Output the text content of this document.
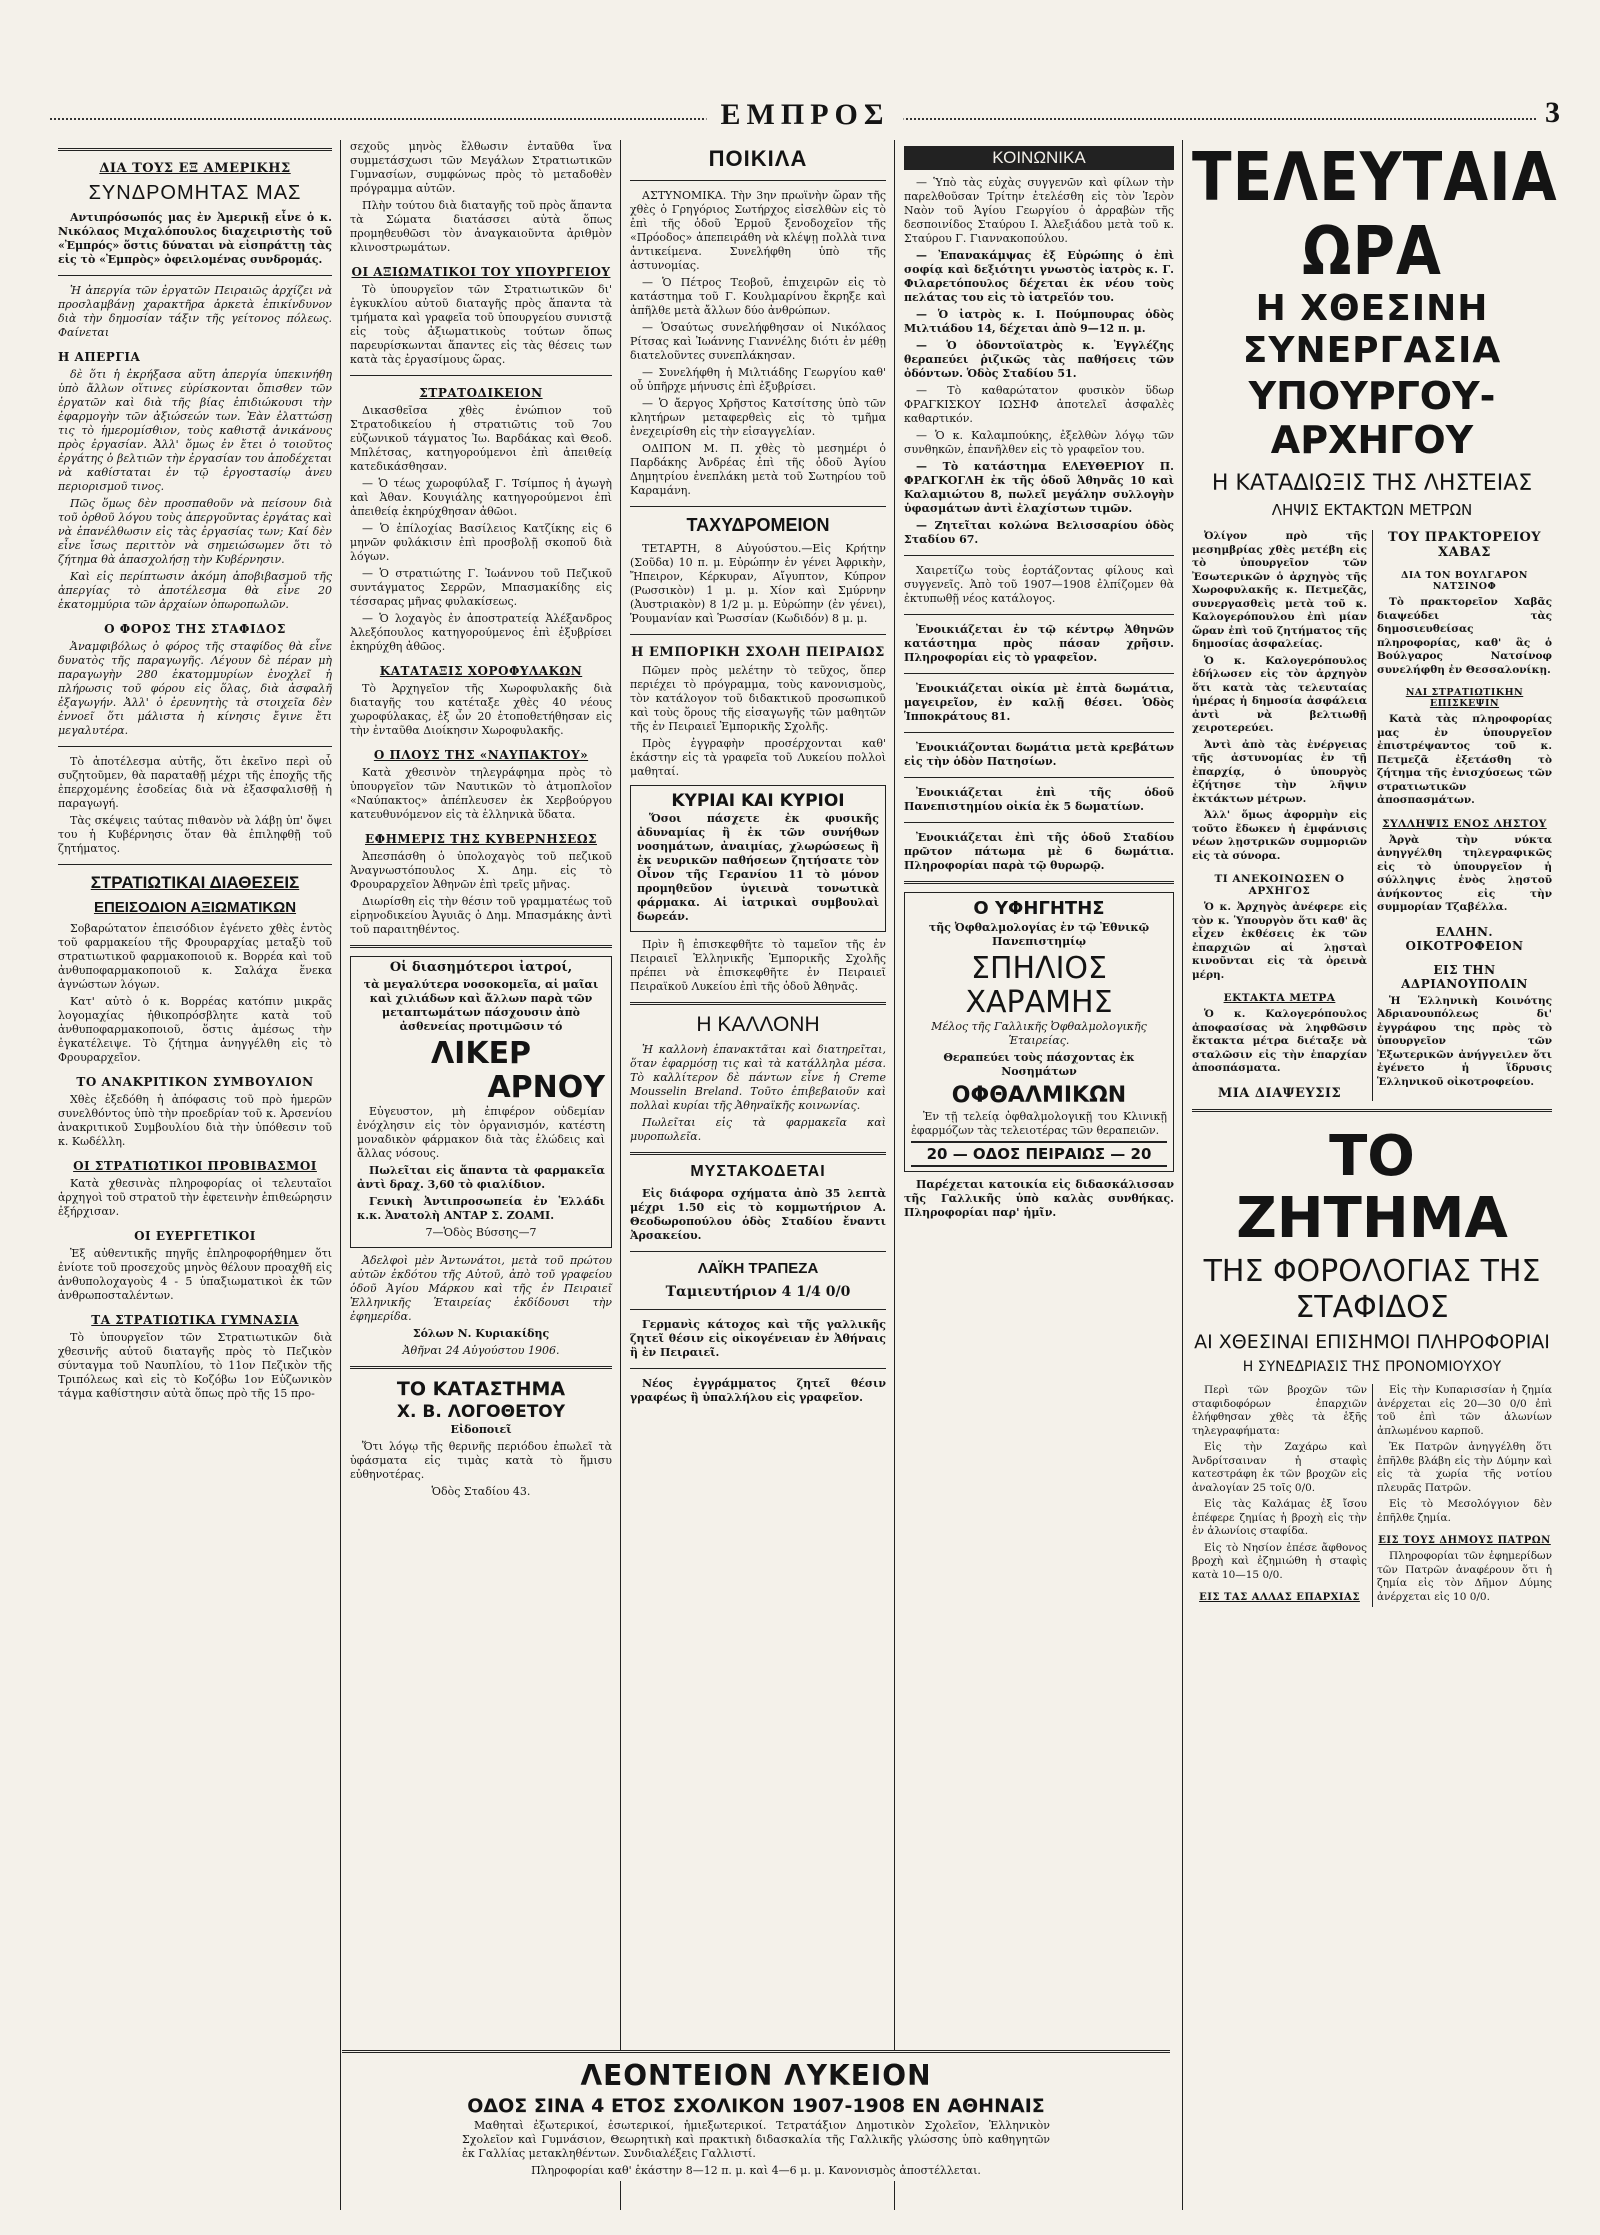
ΕΜΠΡΟΣ	3
ΔΙΑ ΤΟΥΣ ΕΞ ΑΜΕΡΙΚΗΣ
ΣΥΝΔΡΟΜΗΤΑΣ ΜΑΣ

Αντιπρόσωπός μας ἐν Ἀμερικῇ εἶνε ὁ κ. Νικόλαος Μιχαλόπουλος διαχειριστὴς τοῦ «Ἐμπρός» ὅστις δύναται νὰ εἰσπράττῃ τὰς εἰς τὸ «Ἐμπρὸς» ὀφειλομένας συνδρομάς.

Ἡ ἀπεργία τῶν ἐργατῶν Πειραιῶς ἀρχίζει νὰ προσλαμβάνῃ χαρακτῆρα ἀρκετὰ ἐπικίνδυνον διὰ τὴν δημοσίαν τάξιν τῆς γείτονος πόλεως. Φαίνεται

Η ΑΠΕΡΓΙΑ

δὲ ὅτι ἡ ἐκρήξασα αὕτη ἀπεργία ὑπεκινήθη ὑπὸ ἄλλων οἵτινες εὑρίσκονται ὄπισθεν τῶν ἐργατῶν καὶ διὰ τῆς βίας ἐπιδιώκουσι τὴν ἐφαρμογὴν τῶν ἀξιώσεών των. Ἐὰν ἐλαττώσῃ τις τὸ ἡμερομίσθιον, τοὺς καθιστᾷ ἀνικάνους πρὸς ἐργασίαν. Ἀλλ' ὅμως ἐν ἔτει ὁ τοιοῦτος ἐργάτης ὁ βελτιῶν τὴν ἐργασίαν του ἀποδέχεται νὰ καθίσταται ἐν τῷ ἐργοστασίῳ ἀνευ περιορισμοῦ τινος.

Πῶς ὅμως δὲν προσπαθοῦν νὰ πείσουν διὰ τοῦ ὀρθοῦ λόγου τοὺς ἀπεργοῦντας ἐργάτας καὶ νὰ ἐπανέλθωσιν εἰς τὰς ἐργασίας των; Καί δὲν εἶνε ἴσως περιττὸν νὰ σημειώσωμεν ὅτι τὸ ζήτημα θὰ ἀπασχολήσῃ τὴν Κυβέρνησιν.

Καὶ εἰς περίπτωσιν ἀκόμη ἀποβιβασμοῦ τῆς ἀπεργίας τὸ ἀποτέλεσμα θὰ εἶνε 20 ἑκατομμύρια τῶν ἀρχαίων ὁπωροπωλῶν.

Ο ΦΟΡΟΣ ΤΗΣ ΣΤΑΦΙΔΟΣ

Ἀναμφιβόλως ὁ φόρος τῆς σταφίδος θὰ εἶνε δυνατὸς τῆς παραγωγῆς. Λέγουν δὲ πέραν μὴ παραγωγὴν 280 ἑκατομμυρίων ἐνοχλεῖ ἡ πλήρωσις τοῦ φόρου εἰς ὅλας, διὰ ἀσφαλῆ ἐξαγωγήν. Ἀλλ' ὁ ἐρευνητὴς τὰ στοιχεῖα δὲν ἐννοεῖ ὅτι μάλιστα ἡ κίνησις ἔγινε ἔτι μεγαλυτέρα.

Τὸ ἀποτέλεσμα αὐτῆς, ὅτι ἐκεῖνο περὶ οὗ συζητοῦμεν, θὰ παραταθῇ μέχρι τῆς ἐποχῆς τῆς ἐπερχομένης ἐσοδείας διὰ νὰ ἐξασφαλισθῇ ἡ παραγωγή.

Τὰς σκέψεις ταύτας πιθανὸν νὰ λάβῃ ὑπ' ὄψει του ἡ Κυβέρνησις ὅταν θὰ ἐπιληφθῇ τοῦ ζητήματος.

ΣΤΡΑΤΙΩΤΙΚΑΙ ΔΙΑΘΕΣΕΙΣ
ΕΠΕΙΣΟΔΙΟΝ ΑΞΙΩΜΑΤΙΚΩΝ

Σοβαρώτατον ἐπεισόδιον ἐγένετο χθὲς ἐντὸς τοῦ φαρμακείου τῆς Φρουραρχίας μεταξὺ τοῦ στρατιωτικοῦ φαρμακοποιοῦ κ. Βορρέα καὶ τοῦ ἀνθυποφαρμακοποιοῦ κ. Σαλάχα ἕνεκα ἀγνώστων λόγων.

Κατ' αὐτὸ ὁ κ. Βορρέας κατόπιν μικρᾶς λογομαχίας ἠθικοπρόσβλητε κατὰ τοῦ ἀνθυποφαρμακοποιοῦ, ὅστις ἀμέσως τὴν ἐγκατέλειψε. Τὸ ζήτημα ἀνηγγέλθη εἰς τὸ Φρουραρχεῖον.

ΤΟ ΑΝΑΚΡΙΤΙΚΟΝ ΣΥΜΒΟΥΛΙΟΝ

Χθὲς ἐξεδόθη ἡ ἀπόφασις τοῦ πρὸ ἡμερῶν συνελθόντος ὑπὸ τὴν προεδρίαν τοῦ κ. Ἀρσενίου ἀνακριτικοῦ Συμβουλίου διὰ τὴν ὑπόθεσιν τοῦ κ. Κωδέλλη.

ΟΙ ΣΤΡΑΤΙΩΤΙΚΟΙ ΠΡΟΒΙΒΑΣΜΟΙ

Κατὰ χθεσινὰς πληροφορίας οἱ τελευταῖοι ἀρχηγοὶ τοῦ στρατοῦ τὴν ἐφετεινὴν ἐπιθεώρησιν ἐξήρχισαν.

ΟΙ ΕΥΕΡΓΕΤΙΚΟΙ

Ἐξ αὐθεντικῆς πηγῆς ἐπληροφορήθημεν ὅτι ἐνίοτε τοῦ προσεχοῦς μηνὸς θέλουν προαχθῆ εἰς ἀνθυπολοχαγοὺς 4 - 5 ὑπαξιωματικοὶ ἐκ τῶν ἀνθρωποσταλέντων.

ΤΑ ΣΤΡΑΤΙΩΤΙΚΑ ΓΥΜΝΑΣΙΑ

Τὸ ὑπουργεῖον τῶν Στρατιωτικῶν διὰ χθεσινῆς αὐτοῦ διαταγῆς πρὸς τὸ Πεζικὸν σύνταγμα τοῦ Ναυπλίου, τὸ 11ον Πεζικὸν τῆς Τριπόλεως καὶ εἰς τὸ Κοζόβω 1ον Εὐζωνικὸν τάγμα καθίστησιν αὐτὰ ὅπως πρὸ τῆς 15 προ-

σεχοῦς μηνὸς ἔλθωσιν ἐνταῦθα ἵνα συμμετάσχωσι τῶν Μεγάλων Στρατιωτικῶν Γυμνασίων, συμφώνως πρὸς τὸ μεταδοθὲν πρόγραμμα αὐτῶν.

Πλὴν τούτου διὰ διαταγῆς τοῦ πρὸς ἅπαντα τὰ Σώματα διατάσσει αὐτὰ ὅπως προμηθευθῶσι τὸν ἀναγκαιοῦντα ἀριθμὸν κλινοστρωμάτων.

ΟΙ ΑΞΙΩΜΑΤΙΚΟΙ ΤΟΥ ΥΠΟΥΡΓΕΙΟΥ

Τὸ ὑπουργεῖον τῶν Στρατιωτικῶν δι' ἐγκυκλίου αὐτοῦ διαταγῆς πρὸς ἅπαντα τὰ τμήματα καὶ γραφεῖα τοῦ ὑπουργείου συνιστᾷ εἰς τοὺς ἀξιωματικοὺς τούτων ὅπως παρευρίσκωνται ἅπαντες εἰς τὰς θέσεις των κατὰ τὰς ἐργασίμους ὥρας.

ΣΤΡΑΤΟΔΙΚΕΙΟΝ

Δικασθεῖσα χθὲς ἐνώπιον τοῦ Στρατοδικείου ἡ στρατιῶτις τοῦ 7ου εὐζωνικοῦ τάγματος Ἰω. Βαρδάκας καὶ Θεοδ. Μπλέτσας, κατηγορούμενοι ἐπὶ ἀπειθείᾳ κατεδικάσθησαν.

— Ὁ τέως χωροφύλαξ Γ. Τσίμπος ἡ ἀγωγὴ καὶ Ἀθαν. Κουγιάλης κατηγορούμενοι ἐπὶ ἀπειθείᾳ ἐκηρύχθησαν ἀθῶοι.

— Ὁ ἐπίλοχίας Βασίλειος Κατζίκης εἰς 6 μηνῶν φυλάκισιν ἐπὶ προσβολῇ σκοποῦ διὰ λόγων.

— Ὁ στρατιώτης Γ. Ἰωάννου τοῦ Πεζικοῦ συντάγματος Σερρῶν, Μπασμακίδης εἰς τέσσαρας μῆνας φυλακίσεως.

— Ὁ λοχαγὸς ἐν ἀποστρατείᾳ Ἀλέξανδρος Ἀλεξόπουλος κατηγορούμενος ἐπὶ ἐξυβρίσει ἐκηρύχθη ἀθῶος.

ΚΑΤΑΤΑΞΙΣ ΧΟΡΟΦΥΛΑΚΩΝ

Τὸ Ἀρχηγεῖον τῆς Χωροφυλακῆς διὰ διαταγῆς του κατέταξε χθὲς 40 νέους χωροφύλακας, ἐξ ὧν 20 ἐτοποθετήθησαν εἰς τὴν ἐνταῦθα Διοίκησιν Χωροφυλακῆς.

Ο ΠΛΟΥΣ ΤΗΣ «ΝΑΥΠΑΚΤΟΥ»

Κατὰ χθεσινὸν τηλεγράφημα πρὸς τὸ ὑπουργεῖον τῶν Ναυτικῶν τὸ ἀτμοπλοῖον «Ναύπακτος» ἀπέπλευσεν ἐκ Χερβούργου κατευθυνόμενον εἰς τὰ ἑλληνικὰ ὕδατα.

ΕΦΗΜΕΡΙΣ ΤΗΣ ΚΥΒΕΡΝΗΣΕΩΣ

Ἀπεσπάσθη ὁ ὑπολοχαγὸς τοῦ πεζικοῦ Ἀναγνωστόπουλος Χ. Δημ. εἰς τὸ Φρουραρχεῖον Ἀθηνῶν ἐπὶ τρεῖς μῆνας.

Διωρίσθη εἰς τὴν θέσιν τοῦ γραμματέως τοῦ εἰρηνοδικείου Ἀγυιᾶς ὁ Δημ. Μπασμάκης ἀντὶ τοῦ παραιτηθέντος.

Οἱ διασημότεροι ἰατροί,

τὰ μεγαλύτερα νοσοκομεῖα, αἱ μαῖαι καὶ χιλιάδων καὶ ἄλλων παρὰ τῶν μεταπτωμάτων πάσχουσιν ἀπὸ ἀσθενείας προτιμῶσιν τό

ΛΙΚΕΡ
ΑΡΝΟΥ

Εὐγευστον, μὴ ἐπιφέρον οὐδεμίαν ἐνόχλησιν εἰς τὸν ὀργανισμόν, κατέστη μοναδικὸν φάρμακον διὰ τὰς ἐλώδεις καὶ ἄλλας νόσους.

Πωλεῖται εἰς ἅπαντα τὰ φαρμακεῖα ἀντὶ δραχ. 3,60 τὸ φιαλίδιον.

Γενικὴ Ἀντιπροσωπεία ἐν Ἑλλάδι κ.κ. Ἀνατολὴ ΑΝΤΑΡ Σ. ΖΟΑΜΙ.

7—Ὁδὸς Βύσσης—7

Ἀδελφοὶ μὲν Ἀντωνάτοι, μετὰ τοῦ πρώτου αὐτῶν ἐκδότου τῆς Αὐτοῦ, ἀπὸ τοῦ γραφείου ὁδοῦ Ἀγίου Μάρκου καὶ τῆς ἐν Πειραιεῖ Ἑλληνικῆς Ἑταιρείας ἐκδίδουσι τὴν ἐφημερίδα.

Σόλων Ν. Κυριακίδης

Ἀθῆναι 24 Αὐγούστου 1906.

ΤΟ ΚΑΤΑΣΤΗΜΑ
Χ. Β. ΛΟΓΟΘΕΤΟΥ

Εἰδοποιεῖ

Ὅτι λόγῳ τῆς θερινῆς περιόδου ἐπωλεῖ τὰ ὑφάσματα εἰς τιμὰς κατὰ τὸ ἥμισυ εὐθηνοτέρας.

Ὁδὸς Σταδίου 43.

ΠΟΙΚΙΛΑ

ΑΣΤΥΝΟΜΙΚΑ. Τὴν 3ην πρωϊνὴν ὥραν τῆς χθὲς ὁ Γρηγόριος Σωτήρχος εἰσελθὼν εἰς τὸ ἐπὶ τῆς ὁδοῦ Ἑρμοῦ ξενοδοχεῖον τῆς «Πρόοδος» ἀπεπειράθη νὰ κλέψῃ πολλὰ τινα ἀντικείμενα. Συνελήφθη ὑπὸ τῆς ἀστυνομίας.

— Ὁ Πέτρος Τεοβοῦ, ἐπιχειρῶν εἰς τὸ κατάστημα τοῦ Γ. Κουλμαρίνου ἔκρηξε καὶ ἀπῆλθε μετὰ ἄλλων δύο ἀνθρώπων.

— Ὁσαύτως συνελήφθησαν οἱ Νικόλαος Ρίτσας καὶ Ἰωάννης Γιαννέλης διότι ἐν μέθῃ διατελοῦντες συνεπλάκησαν.

— Συνελήφθη ἡ Μιλτιάδης Γεωργίου καθ' οὗ ὑπῆρχε μήνυσις ἐπὶ ἐξυβρίσει.

— Ὁ ἄεργος Χρῆστος Κατσίτσης ὑπὸ τῶν κλητήρων μεταφερθεὶς εἰς τὸ τμῆμα ἐνεχειρίσθη εἰς τὴν εἰσαγγελίαν.

ΟΔΙΠΟΝ Μ. Π. χθὲς τὸ μεσημέρι ὁ Παρδάκης Ἀνδρέας ἐπὶ τῆς ὁδοῦ Ἀγίου Δημητρίου ἐνεπλάκη μετὰ τοῦ Σωτηρίου τοῦ Καραμάνη.

ΤΑΧΥΔΡΟΜΕΙΟΝ

ΤΕΤΑΡΤΗ, 8 Αὐγούστου.—Εἰς Κρήτην (Σοῦδα) 10 π. μ. Εὐρώπην ἐν γένει Ἀφρικὴν, Ἤπειρον, Κέρκυραν, Αἴγυπτον, Κύπρον (Ρωσσικὸν) 1 μ. μ. Χίον καὶ Σμύρνην (Ἀυστριακὸν) 8 1/2 μ. μ. Εὐρώπην (ἐν γένει), Ῥουμανίαν καὶ Ῥωσσίαν (Κωδιδόν) 8 μ. μ.

Η ΕΜΠΟΡΙΚΗ ΣΧΟΛΗ ΠΕΙΡΑΙΩΣ

Πῶμεν πρὸς μελέτην τὸ τεῦχος, ὅπερ περιέχει τὸ πρόγραμμα, τοὺς κανονισμοὺς, τὸν κατάλογον τοῦ διδακτικοῦ προσωπικοῦ καὶ τοὺς ὅρους τῆς εἰσαγωγῆς τῶν μαθητῶν τῆς ἐν Πειραιεῖ Ἐμπορικῆς Σχολῆς.

Πρὸς ἐγγραφὴν προσέρχονται καθ' ἑκάστην εἰς τὰ γραφεῖα τοῦ Λυκείου πολλοὶ μαθηταί.

ΚΥΡΙΑΙ ΚΑΙ ΚΥΡΙΟΙ

Ὅσοι πάσχετε ἐκ φυσικῆς ἀδυναμίας ἢ ἐκ τῶν συνήθων νοσημάτων, ἀναιμίας, χλωρώσεως ἢ ἐκ νευρικῶν παθήσεων ζητήσατε τὸν Οἶνον τῆς Γερανίου 11 τὸ μόνον προμηθεῦον ὑγιεινὰ τονωτικὰ φάρμακα. Αἱ ἰατρικαὶ συμβουλαὶ δωρεάν.

Πρὶν ἢ ἐπισκεφθῆτε τὸ ταμεῖον τῆς ἐν Πειραιεῖ Ἑλληνικῆς Ἐμπορικῆς Σχολῆς πρέπει νὰ ἐπισκεφθῆτε ἐν Πειραιεῖ Πειραϊκοῦ Λυκείου ἐπὶ τῆς ὁδοῦ Ἀθηνᾶς.

Η ΚΑΛΛΟΝΗ

Ἡ καλλονὴ ἐπανακτᾶται καὶ διατηρεῖται, ὅταν ἐφαρμόσῃ τις καὶ τὰ κατάλληλα μέσα. Τὸ καλλίτερον δὲ πάντων εἶνε ἡ Creme Mousselin Breland. Τοῦτο ἐπιβεβαιοῦν καὶ πολλαὶ κυρίαι τῆς Ἀθηναϊκῆς κοινωνίας.

Πωλεῖται εἰς τὰ φαρμακεῖα καὶ μυροπωλεῖα.

ΜΥΣΤΑΚΟΔΕΤΑΙ

Εἰς διάφορα σχήματα ἀπὸ 35 λεπτὰ μέχρι 1.50 εἰς τὸ κομμωτήριον Α. Θεοδωροπούλου ὁδὸς Σταδίου ἔναντι Ἀρσακείου.

ΛΑΪΚΗ ΤΡΑΠΕΖΑ

Ταμιευτήριον 4 1/4 0/0

Γερμανὶς κάτοχος καὶ τῆς γαλλικῆς ζητεῖ θέσιν εἰς οἰκογένειαν ἐν Ἀθήναις ἢ ἐν Πειραιεῖ.

Νέος ἐγγράμματος ζητεῖ θέσιν γραφέως ἢ ὑπαλλήλου εἰς γραφεῖον.

ΚΟΙΝΩΝΙΚΑ

— Ὑπὸ τὰς εὐχὰς συγγενῶν καὶ φίλων τὴν παρελθοῦσαν Τρίτην ἐτελέσθη εἰς τὸν Ἱερὸν Ναὸν τοῦ Ἁγίου Γεωργίου ὁ ἀρραβὼν τῆς δεσποινίδος Σταύρου Ι. Ἀλεξιάδου μετὰ τοῦ κ. Σταύρου Γ. Γιαννακοπούλου.

— Ἐπανακάμψας ἐξ Εὐρώπης ὁ ἐπὶ σοφίᾳ καὶ δεξιότητι γνωστὸς ἰατρὸς κ. Γ. Φιλαρετόπουλος δέχεται ἐκ νέου τοὺς πελάτας του εἰς τὸ ἰατρεῖόν του.

— Ὁ ἰατρὸς κ. Ι. Πούμπουρας ὁδὸς Μιλτιάδου 14, δέχεται ἀπὸ 9—12 π. μ.

— Ὁ ὀδοντοϊατρὸς κ. Ἐγγλέζης θεραπεύει ῥιζικῶς τὰς παθήσεις τῶν ὀδόντων. Ὁδὸς Σταδίου 51.

— Τὸ καθαρώτατον φυσικὸν ὕδωρ ΦΡΑΓΚΙΣΚΟΥ ΙΩΣΗΦ ἀποτελεῖ ἀσφαλὲς καθαρτικόν.

— Ὁ κ. Καλαμπούκης, ἐξελθὼν λόγῳ τῶν συνθηκῶν, ἐπανῆλθεν εἰς τὸ γραφεῖον του.

— Τὸ κατάστημα ΕΛΕΥΘΕΡΙΟΥ Π. ΦΡΑΓΚΟΓΛΗ ἐκ τῆς ὁδοῦ Ἀθηνᾶς 10 καὶ Καλαμιώτου 8, πωλεῖ μεγάλην συλλογὴν ὑφασμάτων ἀντὶ ἐλαχίστων τιμῶν.

— Ζητεῖται κολώνα Βελισσαρίου ὁδὸς Σταδίου 67.

Χαιρετίζω τοὺς ἑορτάζοντας φίλους καὶ συγγενεῖς. Ἀπὸ τοῦ 1907—1908 ἐλπίζομεν θὰ ἐκτυπωθῇ νέος κατάλογος.

Ἐνοικιάζεται ἐν τῷ κέντρῳ Ἀθηνῶν κατάστημα πρὸς πάσαν χρῆσιν. Πληροφορίαι εἰς τὸ γραφεῖον.

Ἐνοικιάζεται οἰκία μὲ ἐπτὰ δωμάτια, μαγειρεῖον, ἐν καλῇ θέσει. Ὁδὸς Ἱπποκράτους 81.

Ἐνοικιάζονται δωμάτια μετὰ κρεβάτων εἰς τὴν ὁδὸν Πατησίων.

Ἐνοικιάζεται ἐπὶ τῆς ὁδοῦ Πανεπιστημίου οἰκία ἐκ 5 δωματίων.

Ἐνοικιάζεται ἐπὶ τῆς ὁδοῦ Σταδίου πρῶτον πάτωμα μὲ 6 δωμάτια. Πληροφορίαι παρὰ τῷ θυρωρῷ.

Ο ΥΦΗΓΗΤΗΣ

τῆς Ὀφθαλμολογίας ἐν τῷ Ἐθνικῷ Πανεπιστημίῳ

ΣΠΗΛΙΟΣ
ΧΑΡΑΜΗΣ

Μέλος τῆς Γαλλικῆς Ὀφθαλμολογικῆς Ἑταιρείας.

Θεραπεύει τοὺς πάσχοντας ἐκ Νοσημάτων

ΟΦΘΑΛΜΙΚΩΝ

Ἐν τῇ τελείᾳ ὀφθαλμολογικῇ του Κλινικῇ ἐφαρμόζων τὰς τελειοτέρας τῶν θεραπειῶν.

20 — ΟΔΟΣ ΠΕΙΡΑΙΩΣ — 20

Παρέχεται κατοικία εἰς διδασκάλισσαν τῆς Γαλλικῆς ὑπὸ καλὰς συνθήκας. Πληροφορίαι παρ' ἡμῖν.

ΤΕΛΕΥΤΑΙΑ ΩΡΑ
Η ΧΘΕΣΙΝΗ ΣΥΝΕΡΓΑΣΙΑ
ΥΠΟΥΡΓΟΥ-ΑΡΧΗΓΟΥ
Η ΚΑΤΑΔΙΩΞΙΣ ΤΗΣ ΛΗΣΤΕΙΑΣ
ΛΗΨΙΣ ΕΚΤΑΚΤΩΝ ΜΕΤΡΩΝ

Ὀλίγον πρὸ τῆς μεσημβρίας χθὲς μετέβη εἰς τὸ ὑπουργεῖον τῶν Ἐσωτερικῶν ὁ ἀρχηγὸς τῆς Χωροφυλακῆς κ. Πετμεζᾶς, συνεργασθεὶς μετὰ τοῦ κ. Καλογερόπουλου ἐπὶ μίαν ὥραν ἐπὶ τοῦ ζητήματος τῆς δημοσίας ἀσφαλείας.

Ὁ κ. Καλογερόπουλος ἐδήλωσεν εἰς τὸν ἀρχηγὸν ὅτι κατὰ τὰς τελευταίας ἡμέρας ἡ δημοσία ἀσφάλεια ἀντὶ νὰ βελτιωθῇ χειροτερεύει.

Ἀντὶ ἀπὸ τὰς ἐνέργειας τῆς ἀστυνομίας ἐν τῇ ἐπαρχίᾳ, ὁ ὑπουργὸς ἐζήτησε τὴν λῆψιν ἐκτάκτων μέτρων.

Ἀλλ' ὅμως ἀφορμὴν εἰς τοῦτο ἔδωκεν ἡ ἐμφάνισις νέων λῃστρικῶν συμμοριῶν εἰς τὰ σύνορα.

ΤΙ ΑΝΕΚΟΙΝΩΣΕΝ Ο ΑΡΧΗΓΟΣ

Ὁ κ. Ἀρχηγὸς ἀνέφερε εἰς τὸν κ. Ὑπουργὸν ὅτι καθ' ἃς εἶχεν ἐκθέσεις ἐκ τῶν ἐπαρχιῶν αἱ λῃσταὶ κινοῦνται εἰς τὰ ὀρεινὰ μέρη.

ΕΚΤΑΚΤΑ ΜΕΤΡΑ

Ὁ κ. Καλογερόπουλος ἀποφασίσας νὰ ληφθῶσιν ἔκτακτα μέτρα διέταξε νὰ σταλῶσιν εἰς τὴν ἐπαρχίαν ἀποσπάσματα.

ΜΙΑ ΔΙΑΨΕΥΣΙΣ
ΤΟΥ ΠΡΑΚΤΟΡΕΙΟΥ ΧΑΒΑΣ
ΔΙΑ ΤΟΝ ΒΟΥΛΓΑΡΟΝ ΝΑΤΣΙΝΟΦ

Τὸ πρακτορεῖον Χαβᾶς διαψεύδει τὰς δημοσιευθείσας πληροφορίας, καθ' ἃς ὁ Βούλγαρος Νατσίνοφ συνελήφθη ἐν Θεσσαλονίκῃ.

ΝΑΙ ΣΤΡΑΤΙΩΤΙΚΗΝ ΕΠΙΣΚΕΨΙΝ

Κατὰ τὰς πληροφορίας μας ἐν ὑπουργεῖον ἐπιστρέψαντος τοῦ κ. Πετμεζᾶ ἐξετάσθη τὸ ζήτημα τῆς ἐνισχύσεως τῶν στρατιωτικῶν ἀποσπασμάτων.

ΣΥΛΛΗΨΙΣ ΕΝΟΣ ΛΗΣΤΟΥ

Ἀργὰ τὴν νύκτα ἀνηγγέλθη τηλεγραφικῶς εἰς τὸ ὑπουργεῖον ἡ σύλληψις ἑνὸς λῃστοῦ ἀνήκοντος εἰς τὴν συμμορίαν Τζαβέλλα.

ΕΛΛΗΝ. ΟΙΚΟΤΡΟΦΕΙΟΝ
ΕΙΣ ΤΗΝ ΑΔΡΙΑΝΟΥΠΟΛΙΝ

Ἡ Ἑλληνικὴ Κοινότης Ἀδριανουπόλεως δι' ἐγγράφου της πρὸς τὸ ὑπουργεῖον τῶν Ἐξωτερικῶν ἀνήγγειλεν ὅτι ἐγένετο ἡ ἵδρυσις Ἑλληνικοῦ οἰκοτροφείου.

ΤΟ ΖΗΤΗΜΑ
ΤΗΣ ΦΟΡΟΛΟΓΙΑΣ ΤΗΣ ΣΤΑΦΙΔΟΣ
ΑΙ ΧΘΕΣΙΝΑΙ ΕΠΙΣΗΜΟΙ ΠΛΗΡΟΦΟΡΙΑΙ
Η ΣΥΝΕΔΡΙΑΣΙΣ ΤΗΣ ΠΡΟΝΟΜΙΟΥΧΟΥ

Περὶ τῶν βροχῶν τῶν σταφιδοφόρων ἐπαρχιῶν ἐλήφθησαν χθὲς τὰ ἑξῆς τηλεγραφήματα:

Εἰς τὴν Ζαχάρω καὶ Ἀνδρίτσαιναν ἡ σταφὶς κατεστράφη ἐκ τῶν βροχῶν εἰς ἀναλογίαν 25 τοῖς 0/0.

Εἰς τὰς Καλάμας ἐξ ἴσου ἐπέφερε ζημίας ἡ βροχὴ εἰς τὴν ἐν ἀλωνίοις σταφίδα.

Εἰς τὸ Νησίον ἐπέσε ἄφθονος βροχὴ καὶ ἐζημιώθη ἡ σταφὶς κατὰ 10—15 0/0.

ΕΙΣ ΤΑΣ ΑΛΛΑΣ ΕΠΑΡΧΙΑΣ

Εἰς τὴν Κυπαρισσίαν ἡ ζημία ἀνέρχεται εἰς 20—30 0/0 ἐπὶ τοῦ ἐπὶ τῶν ἁλωνίων ἀπλωμένου καρποῦ.

Ἐκ Πατρῶν ἀνηγγέλθη ὅτι ἐπῆλθε βλάβη εἰς τὴν Δύμην καὶ εἰς τὰ χωρία τῆς νοτίου πλευρᾶς Πατρῶν.

Εἰς τὸ Μεσολόγγιον δὲν ἐπῆλθε ζημία.

ΕΙΣ ΤΟΥΣ ΔΗΜΟΥΣ ΠΑΤΡΩΝ

Πληροφορίαι τῶν ἐφημερίδων τῶν Πατρῶν ἀναφέρουν ὅτι ἡ ζημία εἰς τὸν Δῆμον Δύμης ἀνέρχεται εἰς 10 0/0.

ΛΕΟΝΤΕΙΟΝ ΛΥΚΕΙΟΝ
ΟΔΟΣ ΣΙΝΑ 4 ΕΤΟΣ ΣΧΟΛΙΚΟΝ 1907-1908 ΕΝ ΑΘΗΝΑΙΣ

Μαθηταὶ ἐξωτερικοί, ἐσωτερικοί, ἡμιεξωτερικοί. Τετρατάξιον Δημοτικὸν Σχολεῖον, Ἑλληνικὸν Σχολεῖον καὶ Γυμνάσιον, Θεωρητικὴ καὶ πρακτικὴ διδασκαλία τῆς Γαλλικῆς γλώσσης ὑπὸ καθηγητῶν ἐκ Γαλλίας μετακληθέντων. Συνδιαλέξεις Γαλλιστί.

Πληροφορίαι καθ' ἑκάστην 8—12 π. μ. καὶ 4—6 μ. μ. Κανονισμὸς ἀποστέλλεται.
